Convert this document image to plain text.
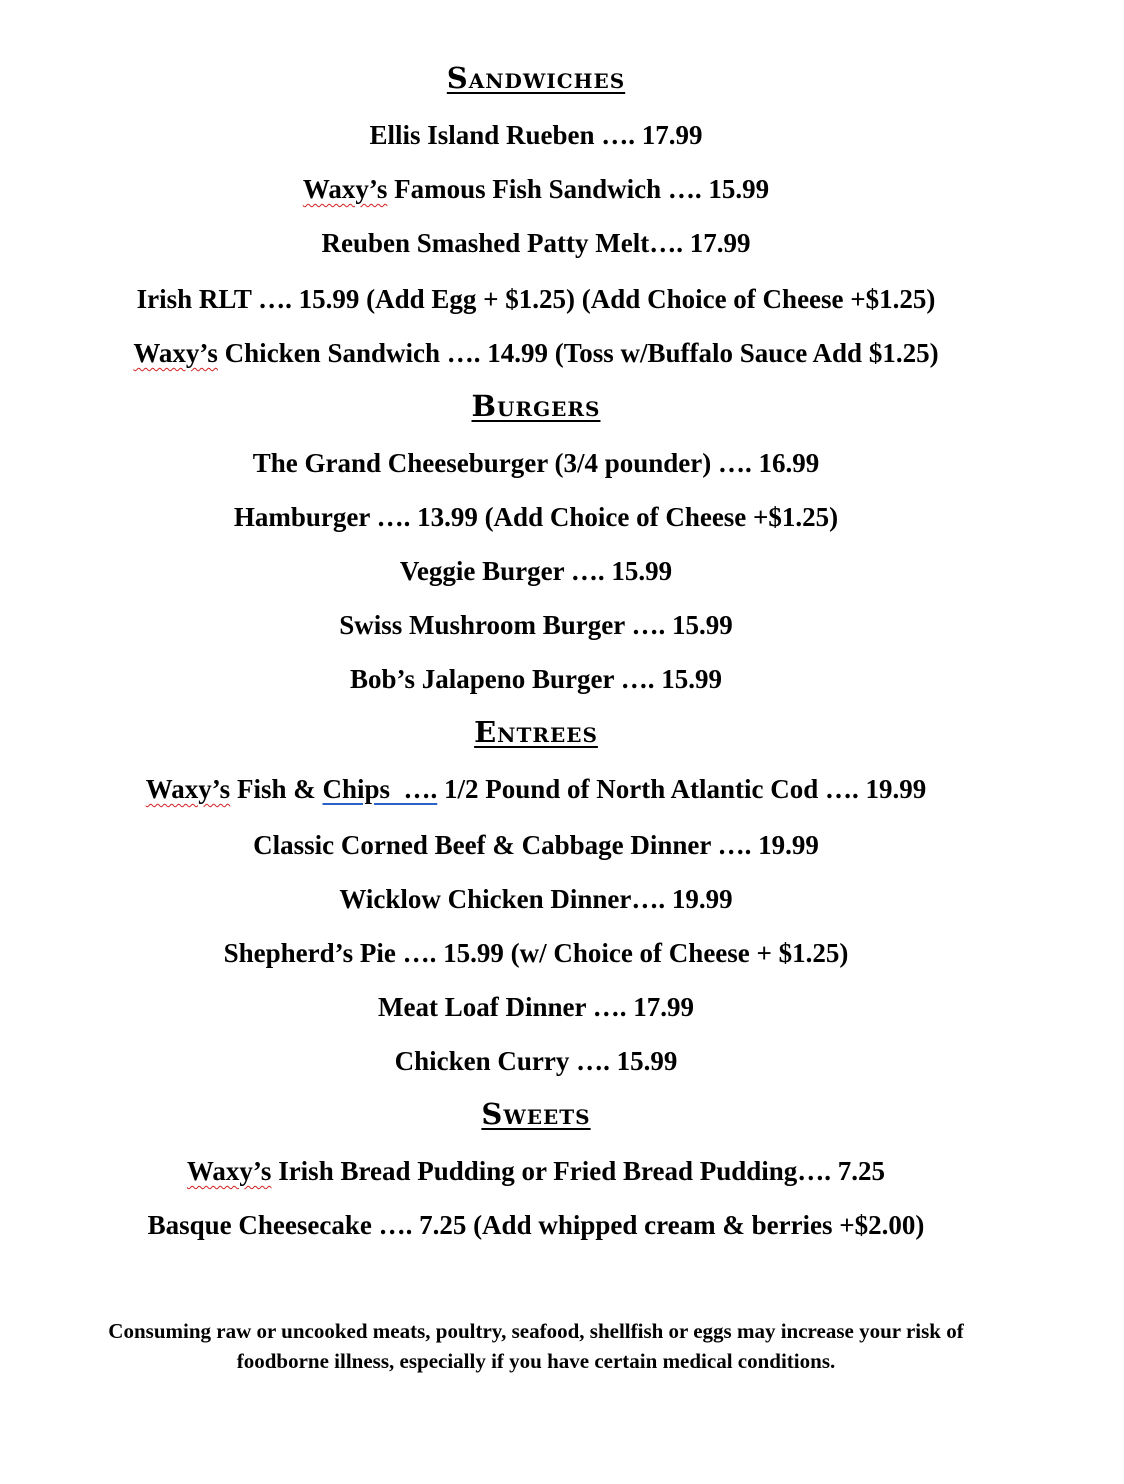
Sandwiches
Ellis Island Rueben …. 17.99
Waxy’s Famous Fish Sandwich …. 15.99
Reuben Smashed Patty Melt…. 17.99
Irish RLT …. 15.99 (Add Egg + $1.25) (Add Choice of Cheese +$1.25)
Waxy’s Chicken Sandwich …. 14.99 (Toss w/Buffalo Sauce Add $1.25)
Burgers
The Grand Cheeseburger (3/4 pounder) …. 16.99
Hamburger …. 13.99 (Add Choice of Cheese +$1.25)
Veggie Burger …. 15.99
Swiss Mushroom Burger …. 15.99
Bob’s Jalapeno Burger …. 15.99
Entrees
Waxy’s Fish & Chips  …. 1/2 Pound of North Atlantic Cod …. 19.99
Classic Corned Beef & Cabbage Dinner …. 19.99
Wicklow Chicken Dinner…. 19.99
Shepherd’s Pie …. 15.99 (w/ Choice of Cheese + $1.25)
Meat Loaf Dinner …. 17.99
Chicken Curry …. 15.99
Sweets
Waxy’s Irish Bread Pudding or Fried Bread Pudding…. 7.25
Basque Cheesecake …. 7.25 (Add whipped cream & berries +$2.00)
Consuming raw or uncooked meats, poultry, seafood, shellfish or eggs may increase your risk of
foodborne illness, especially if you have certain medical conditions.
